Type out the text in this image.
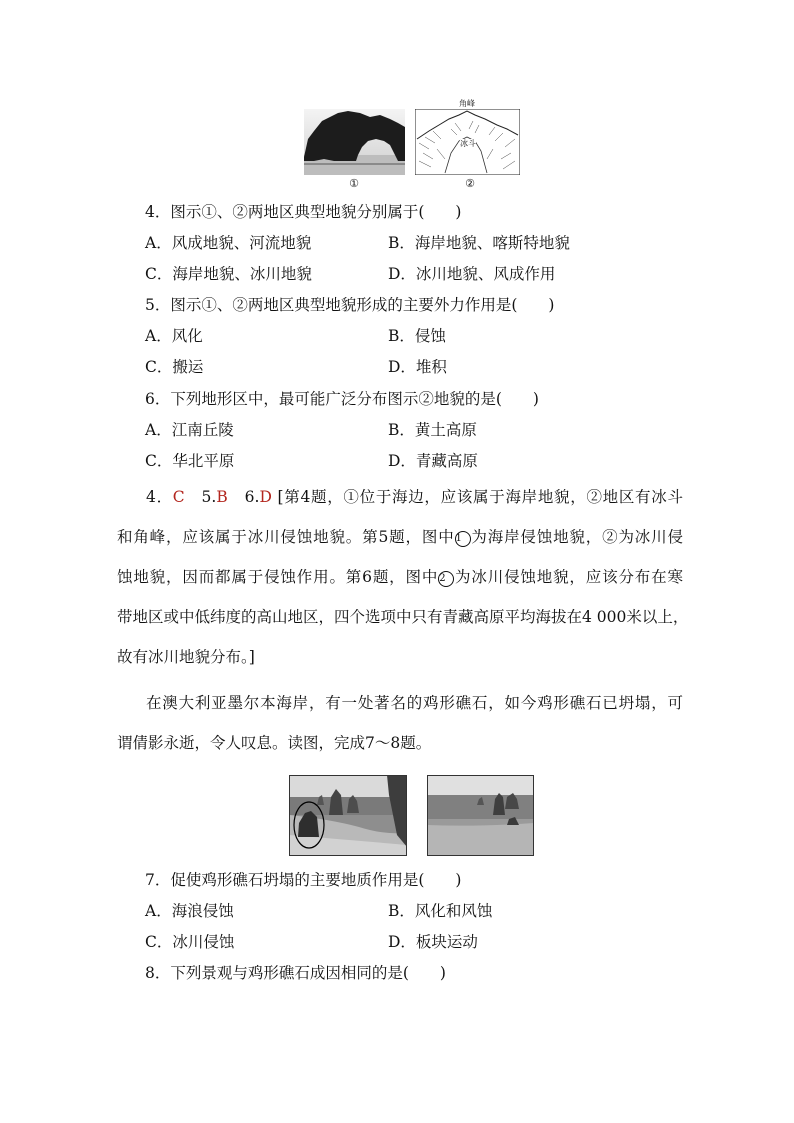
①
角峰
冰斗
②
4．图示①、②两地区典型地貌分别属于(　　)
A．风成地貌、河流地貌	B．海岸地貌、喀斯特地貌
C．海岸地貌、冰川地貌	D．冰川地貌、风成作用
5．图示①、②两地区典型地貌形成的主要外力作用是(　　)
A．风化	B．侵蚀
C．搬运	D．堆积
6．下列地形区中，最可能广泛分布图示②地貌的是(　　)
A．江南丘陵	B．黄土高原
C．华北平原	D．青藏高原
4．C　 5.B　 6.D [第4题，①位于海边，应该属于海岸地貌，②地区有冰斗
和角峰，应该属于冰川侵蚀地貌。第5题，图中1 为海岸侵蚀地貌，②为冰川侵
蚀地貌，因而都属于侵蚀作用。第6题，图中2 为冰川侵蚀地貌，应该分布在寒
带地区或中低纬度的高山地区，四个选项中只有青藏高原平均海拔在4 000米以上，
故有冰川地貌分布。]
在澳大利亚墨尔本海岸，有一处著名的鸡形礁石，如今鸡形礁石已坍塌，可
谓倩影永逝，令人叹息。读图，完成7～8题。
7．促使鸡形礁石坍塌的主要地质作用是(　　)
A．海浪侵蚀	B．风化和风蚀
C．冰川侵蚀	D．板块运动
8．下列景观与鸡形礁石成因相同的是(　　)
